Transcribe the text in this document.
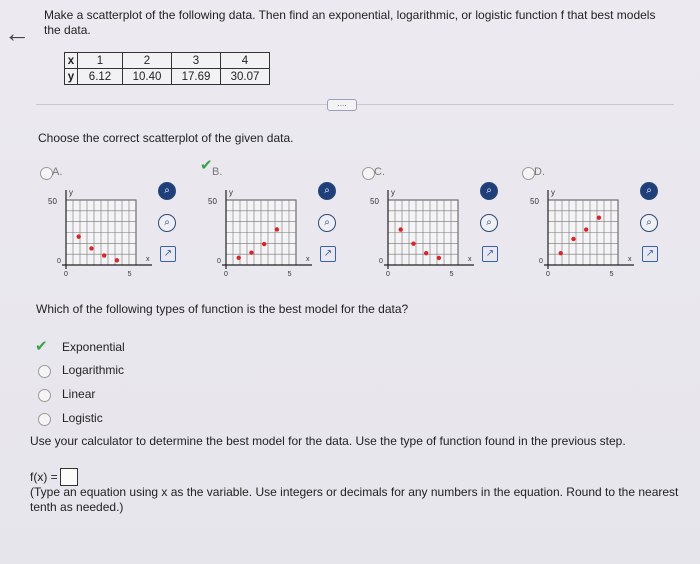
←
Make a scatterplot of the following data. Then find an exponential, logarithmic, or logistic function f that best models the data.
x	1	2	3	4
y	6.12	10.40	17.69	30.07
....
Choose the correct scatterplot of the given data.
A.
y
50
x
5
0
0
⌕
⌕
↗
✔ B.
y
50
x
5
0
0
⌕
⌕
↗
C.
y
50
x
5
0
0
⌕
⌕
↗
D.
y
50
x
5
0
0
⌕
⌕
↗
Which of the following types of function is the best model for the data?
✔ Exponential
Logarithmic
Linear
Logistic
Use your calculator to determine the best model for the data. Use the type of function found in the previous step.
f(x) =
(Type an equation using x as the variable. Use integers or decimals for any numbers in the equation. Round to the nearest tenth as needed.)
